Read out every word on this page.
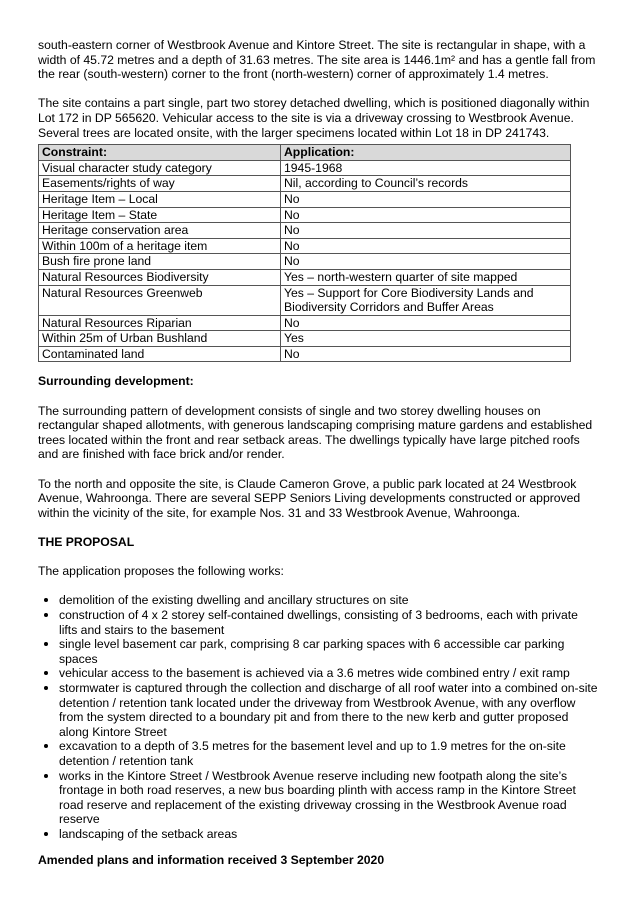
south-eastern corner of Westbrook Avenue and Kintore Street. The site is rectangular in shape, with a width of 45.72 metres and a depth of 31.63 metres. The site area is 1446.1m² and has a gentle fall from the rear (south-western) corner to the front (north-western) corner of approximately 1.4 metres.

The site contains a part single, part two storey detached dwelling, which is positioned diagonally within Lot 172 in DP 565620. Vehicular access to the site is via a driveway crossing to Westbrook Avenue. Several trees are located onsite, with the larger specimens located within Lot 18 in DP 241743.

Constraint:	Application:
Visual character study category	1945-1968
Easements/rights of way	Nil, according to Council’s records
Heritage Item – Local	No
Heritage Item – State	No
Heritage conservation area	No
Within 100m of a heritage item	No
Bush fire prone land	No
Natural Resources Biodiversity	Yes – north-western quarter of site mapped
Natural Resources Greenweb	Yes – Support for Core Biodiversity Lands and Biodiversity Corridors and Buffer Areas
Natural Resources Riparian	No
Within 25m of Urban Bushland	Yes
Contaminated land	No
Surrounding development:

The surrounding pattern of development consists of single and two storey dwelling houses on rectangular shaped allotments, with generous landscaping comprising mature gardens and established trees located within the front and rear setback areas. The dwellings typically have large pitched roofs and are finished with face brick and/or render.

To the north and opposite the site, is Claude Cameron Grove, a public park located at 24 Westbrook Avenue, Wahroonga. There are several SEPP Seniors Living developments constructed or approved within the vicinity of the site, for example Nos. 31 and 33 Westbrook Avenue, Wahroonga.

THE PROPOSAL

The application proposes the following works:

demolition of the existing dwelling and ancillary structures on site
construction of 4 x 2 storey self-contained dwellings, consisting of 3 bedrooms, each with private lifts and stairs to the basement
single level basement car park, comprising 8 car parking spaces with 6 accessible car parking spaces
vehicular access to the basement is achieved via a 3.6 metres wide combined entry / exit ramp
stormwater is captured through the collection and discharge of all roof water into a combined on-site detention / retention tank located under the driveway from Westbrook Avenue, with any overflow from the system directed to a boundary pit and from there to the new kerb and gutter proposed along Kintore Street
excavation to a depth of 3.5 metres for the basement level and up to 1.9 metres for the on-site detention / retention tank
works in the Kintore Street / Westbrook Avenue reserve including new footpath along the site’s frontage in both road reserves, a new bus boarding plinth with access ramp in the Kintore Street road reserve and replacement of the existing driveway crossing in the Westbrook Avenue road reserve
landscaping of the setback areas
Amended plans and information received 3 September 2020
